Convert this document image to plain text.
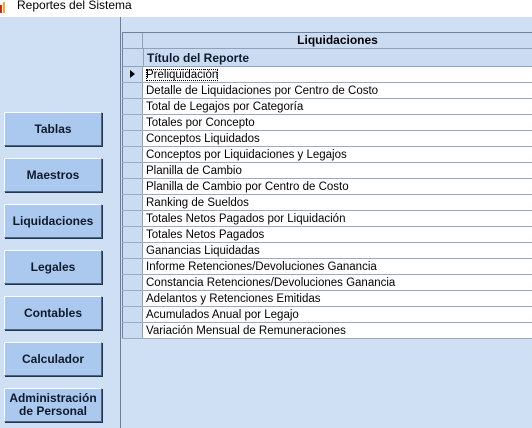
Reportes del Sistema
Tablas
Maestros
Liquidaciones
Legales
Contables
Calculador
Administración de Personal
Liquidaciones
Título del Reporte
Preliquidación
Detalle de Liquidaciones por Centro de Costo
Total de Legajos por Categoría
Totales por Concepto
Conceptos Liquidados
Conceptos por Liquidaciones y Legajos
Planilla de Cambio
Planilla de Cambio por Centro de Costo
Ranking de Sueldos
Totales Netos Pagados por Liquidación
Totales Netos Pagados
Ganancias Liquidadas
Informe Retenciones/Devoluciones Ganancia
Constancia Retenciones/Devoluciones Ganancia
Adelantos y Retenciones Emitidas
Acumulados Anual por Legajo
Variación Mensual de Remuneraciones
